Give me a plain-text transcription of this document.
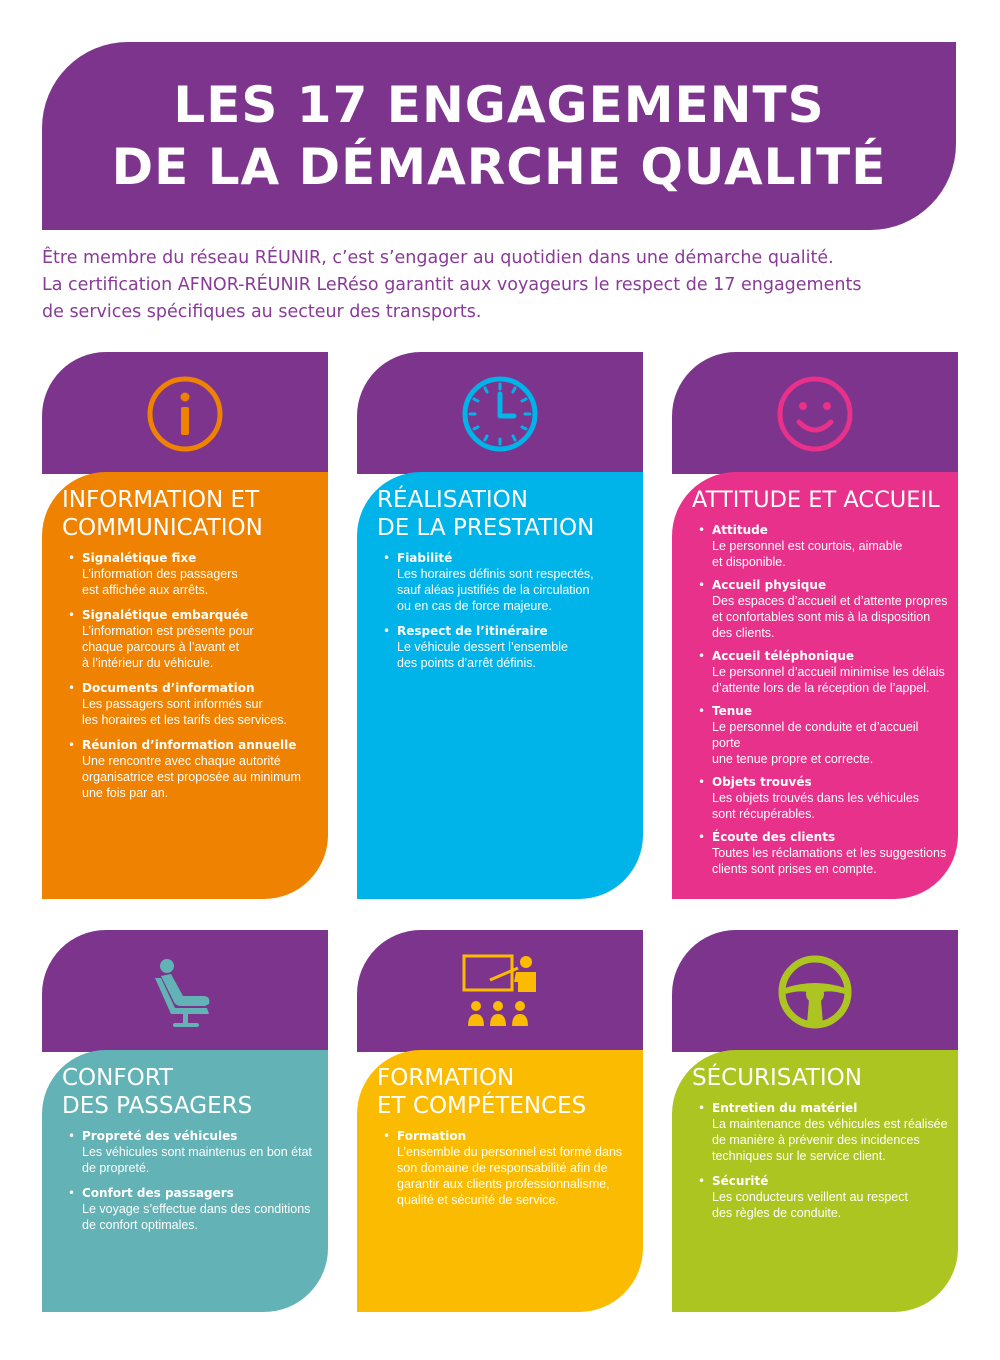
LES 17 ENGAGEMENTS
DE LA DÉMARCHE QUALITÉ

Être membre du réseau RÉUNIR, c’est s’engager au quotidien dans une démarche qualité.

La certification AFNOR-RÉUNIR LeRéso garantit aux voyageurs le respect de 17 engagements

de services spécifiques au secteur des transports.

INFORMATION ET
COMMUNICATION
• Signalétique fixe
L’information des passagers
est affichée aux arrêts.
• Signalétique embarquée
L’information est présente pour
chaque parcours à l’avant et
à l’intérieur du véhicule.
• Documents d’information
Les passagers sont informés sur
les horaires et les tarifs des services.
• Réunion d’information annuelle
Une rencontre avec chaque autorité
organisatrice est proposée au minimum
une fois par an.
RÉALISATION
DE LA PRESTATION
• Fiabilité
Les horaires définis sont respectés,
sauf aléas justifiés de la circulation
ou en cas de force majeure.
• Respect de l’itinéraire
Le véhicule dessert l’ensemble
des points d’arrêt définis.
ATTITUDE ET ACCUEIL
• Attitude
Le personnel est courtois, aimable
et disponible.
• Accueil physique
Des espaces d’accueil et d’attente propres
et confortables sont mis à la disposition
des clients.
• Accueil téléphonique
Le personnel d’accueil minimise les délais
d’attente lors de la réception de l’appel.
• Tenue
Le personnel de conduite et d’accueil porte
une tenue propre et correcte.
• Objets trouvés
Les objets trouvés dans les véhicules
sont récupérables.
• Écoute des clients
Toutes les réclamations et les suggestions
clients sont prises en compte.
CONFORT
DES PASSAGERS
• Propreté des véhicules
Les véhicules sont maintenus en bon état
de propreté.
• Confort des passagers
Le voyage s’effectue dans des conditions
de confort optimales.
FORMATION
ET COMPÉTENCES
• Formation
L’ensemble du personnel est formé dans
son domaine de responsabilité afin de
garantir aux clients professionnalisme,
qualité et sécurité de service.
SÉCURISATION
• Entretien du matériel
La maintenance des véhicules est réalisée
de manière à prévenir des incidences
techniques sur le service client.
• Sécurité
Les conducteurs veillent au respect
des règles de conduite.
